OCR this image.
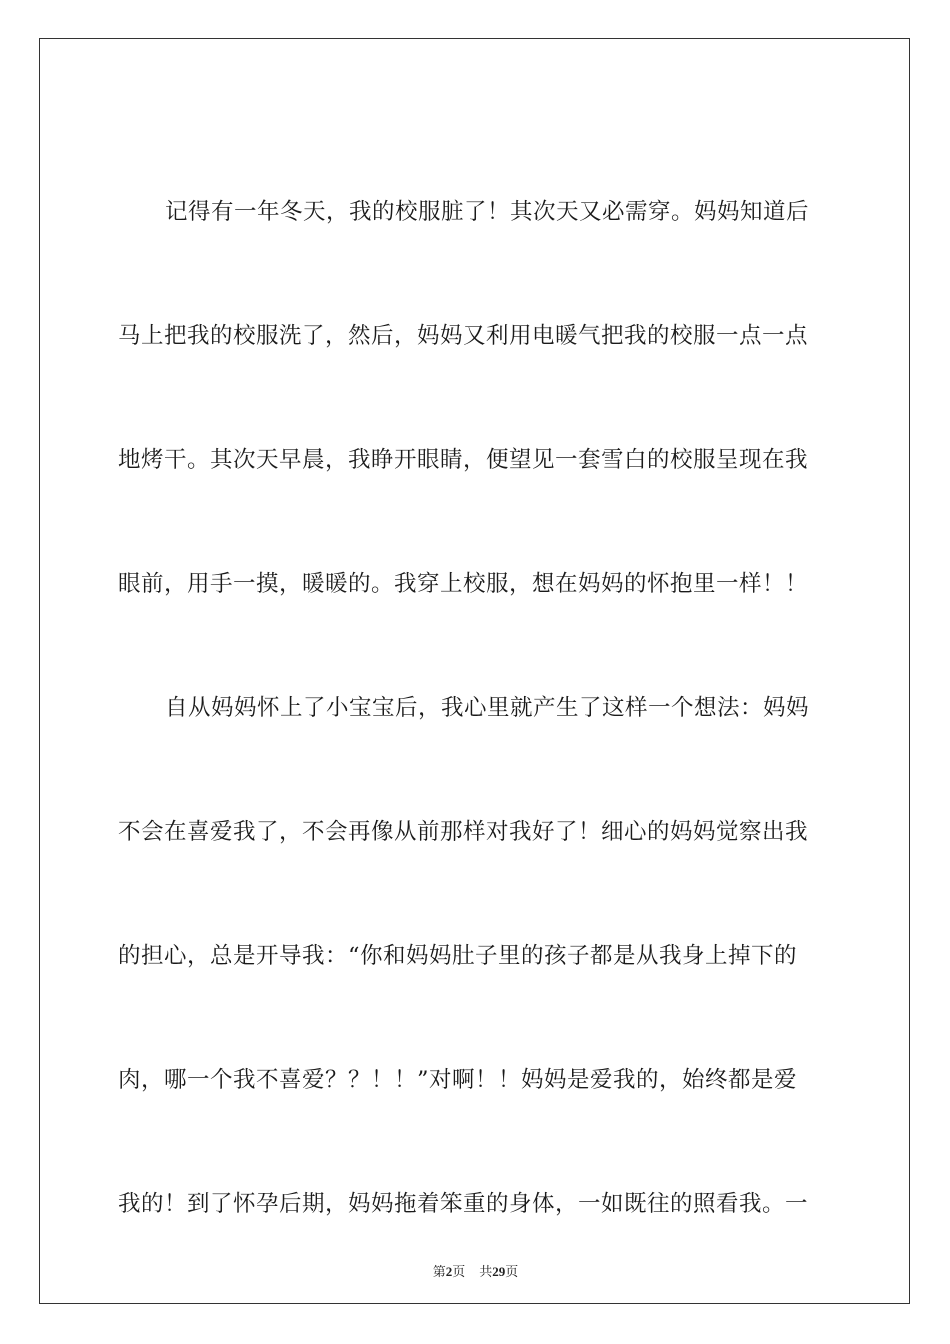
记得有一年冬天，我的校服脏了！其次天又必需穿。妈妈知道后
马上把我的校服洗了，然后，妈妈又利用电暖气把我的校服一点一点
地烤干。其次天早晨，我睁开眼睛，便望见一套雪白的校服呈现在我
眼前，用手一摸，暖暖的。我穿上校服，想在妈妈的怀抱里一样！！
自从妈妈怀上了小宝宝后，我心里就产生了这样一个想法：妈妈
不会在喜爱我了，不会再像从前那样对我好了！细心的妈妈觉察出我
的担心，总是开导我：“你和妈妈肚子里的孩子都是从我身上掉下的
肉，哪一个我不喜爱？？！！”对啊！！妈妈是爱我的，始终都是爱
我的！到了怀孕后期，妈妈拖着笨重的身体，一如既往的照看我。一
第2页 共29页
